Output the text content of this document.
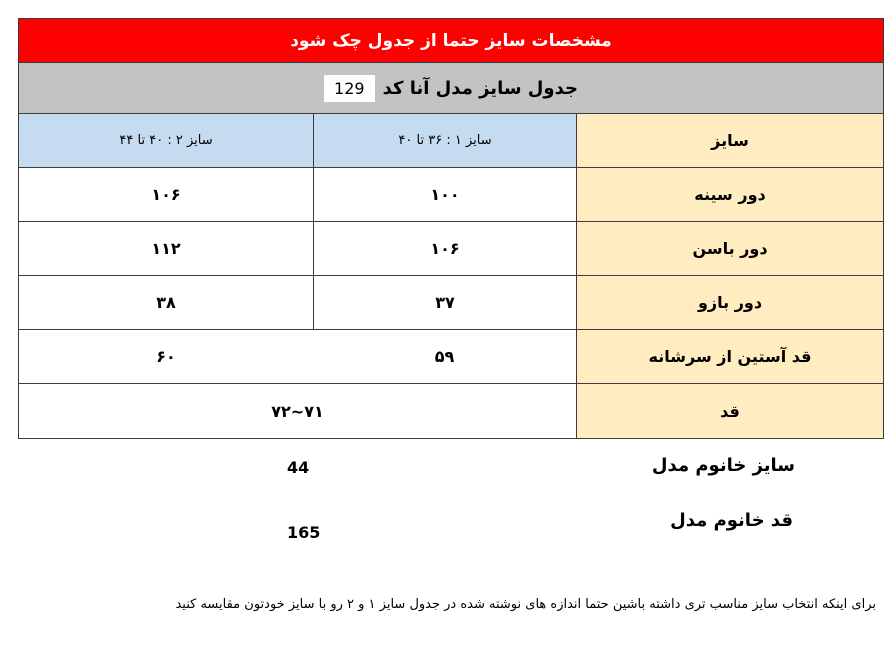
مشخصات سایز حتما از جدول چک شود
جدول سایز مدل آنا کد
129
سایز
سایز ۱ : ۳۶ تا ۴۰
سایز ۲ : ۴۰ تا ۴۴
دور سینه
۱۰۰
۱۰۶
دور باسن
۱۰۶
۱۱۲
دور بازو
۳۷
۳۸
قد آستین از سرشانه
۵۹
۶۰
قد
۷۱~۷۲
سایز خانوم مدل
44
قد خانوم مدل
165
برای اینکه انتخاب سایز مناسب تری داشته باشین حتما اندازه های نوشته شده در جدول سایز ۱ و ۲ رو با سایز خودتون مقایسه کنید
